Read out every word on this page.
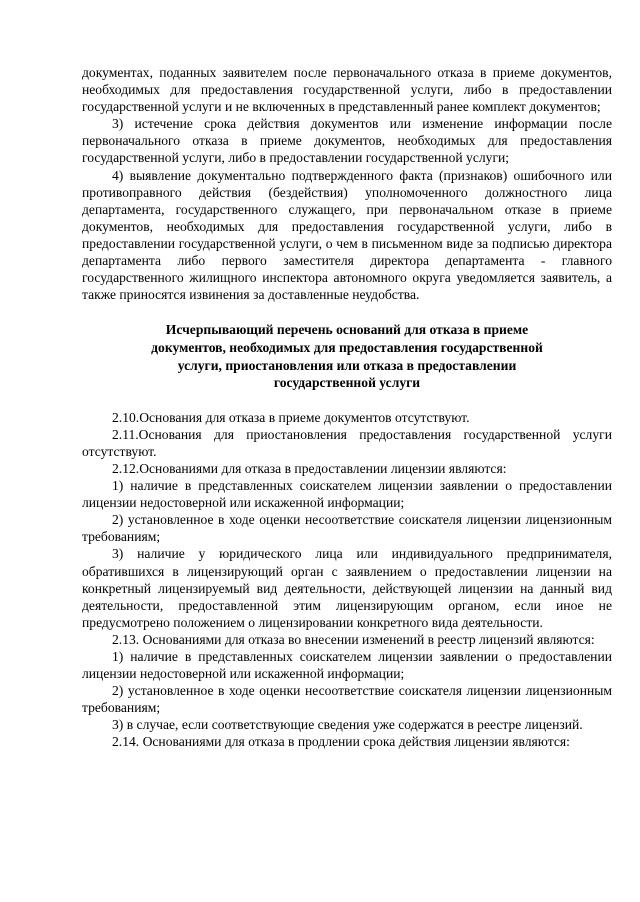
документах, поданных заявителем после первоначального отказа в приеме документов, необходимых для предоставления государственной услуги, либо в предоставлении государственной услуги и не включенных в представленный ранее комплект документов;

3) истечение срока действия документов или изменение информации после первоначального отказа в приеме документов, необходимых для предоставления государственной услуги, либо в предоставлении государственной услуги;

4) выявление документально подтвержденного факта (признаков) ошибочного или противоправного действия (бездействия) уполномоченного должностного лица департамента, государственного служащего, при первоначальном отказе в приеме документов, необходимых для предоставления государственной услуги, либо в предоставлении государственной услуги, о чем в письменном виде за подписью директора департамента либо первого заместителя директора департамента - главного государственного жилищного инспектора автономного округа уведомляется заявитель, а также приносятся извинения за доставленные неудобства.

Исчерпывающий перечень оснований для отказа в приеме
документов, необходимых для предоставления государственной
услуги, приостановления или отказа в предоставлении
государственной услуги

2.10.Основания для отказа в приеме документов отсутствуют.

2.11.Основания для приостановления предоставления государственной услуги отсутствуют.

2.12.Основаниями для отказа в предоставлении лицензии являются:

1) наличие в представленных соискателем лицензии заявлении о предоставлении лицензии недостоверной или искаженной информации;

2) установленное в ходе оценки несоответствие соискателя лицензии лицензионным требованиям;

3) наличие у юридического лица или индивидуального предпринимателя, обратившихся в лицензирующий орган с заявлением о предоставлении лицензии на конкретный лицензируемый вид деятельности, действующей лицензии на данный вид деятельности, предоставленной этим лицензирующим органом, если иное не предусмотрено положением о лицензировании конкретного вида деятельности.

2.13. Основаниями для отказа во внесении изменений в реестр лицензий являются:

1) наличие в представленных соискателем лицензии заявлении о предоставлении лицензии недостоверной или искаженной информации;

2) установленное в ходе оценки несоответствие соискателя лицензии лицензионным требованиям;

3) в случае, если соответствующие сведения уже содержатся в реестре лицензий.

2.14. Основаниями для отказа в продлении срока действия лицензии являются:
